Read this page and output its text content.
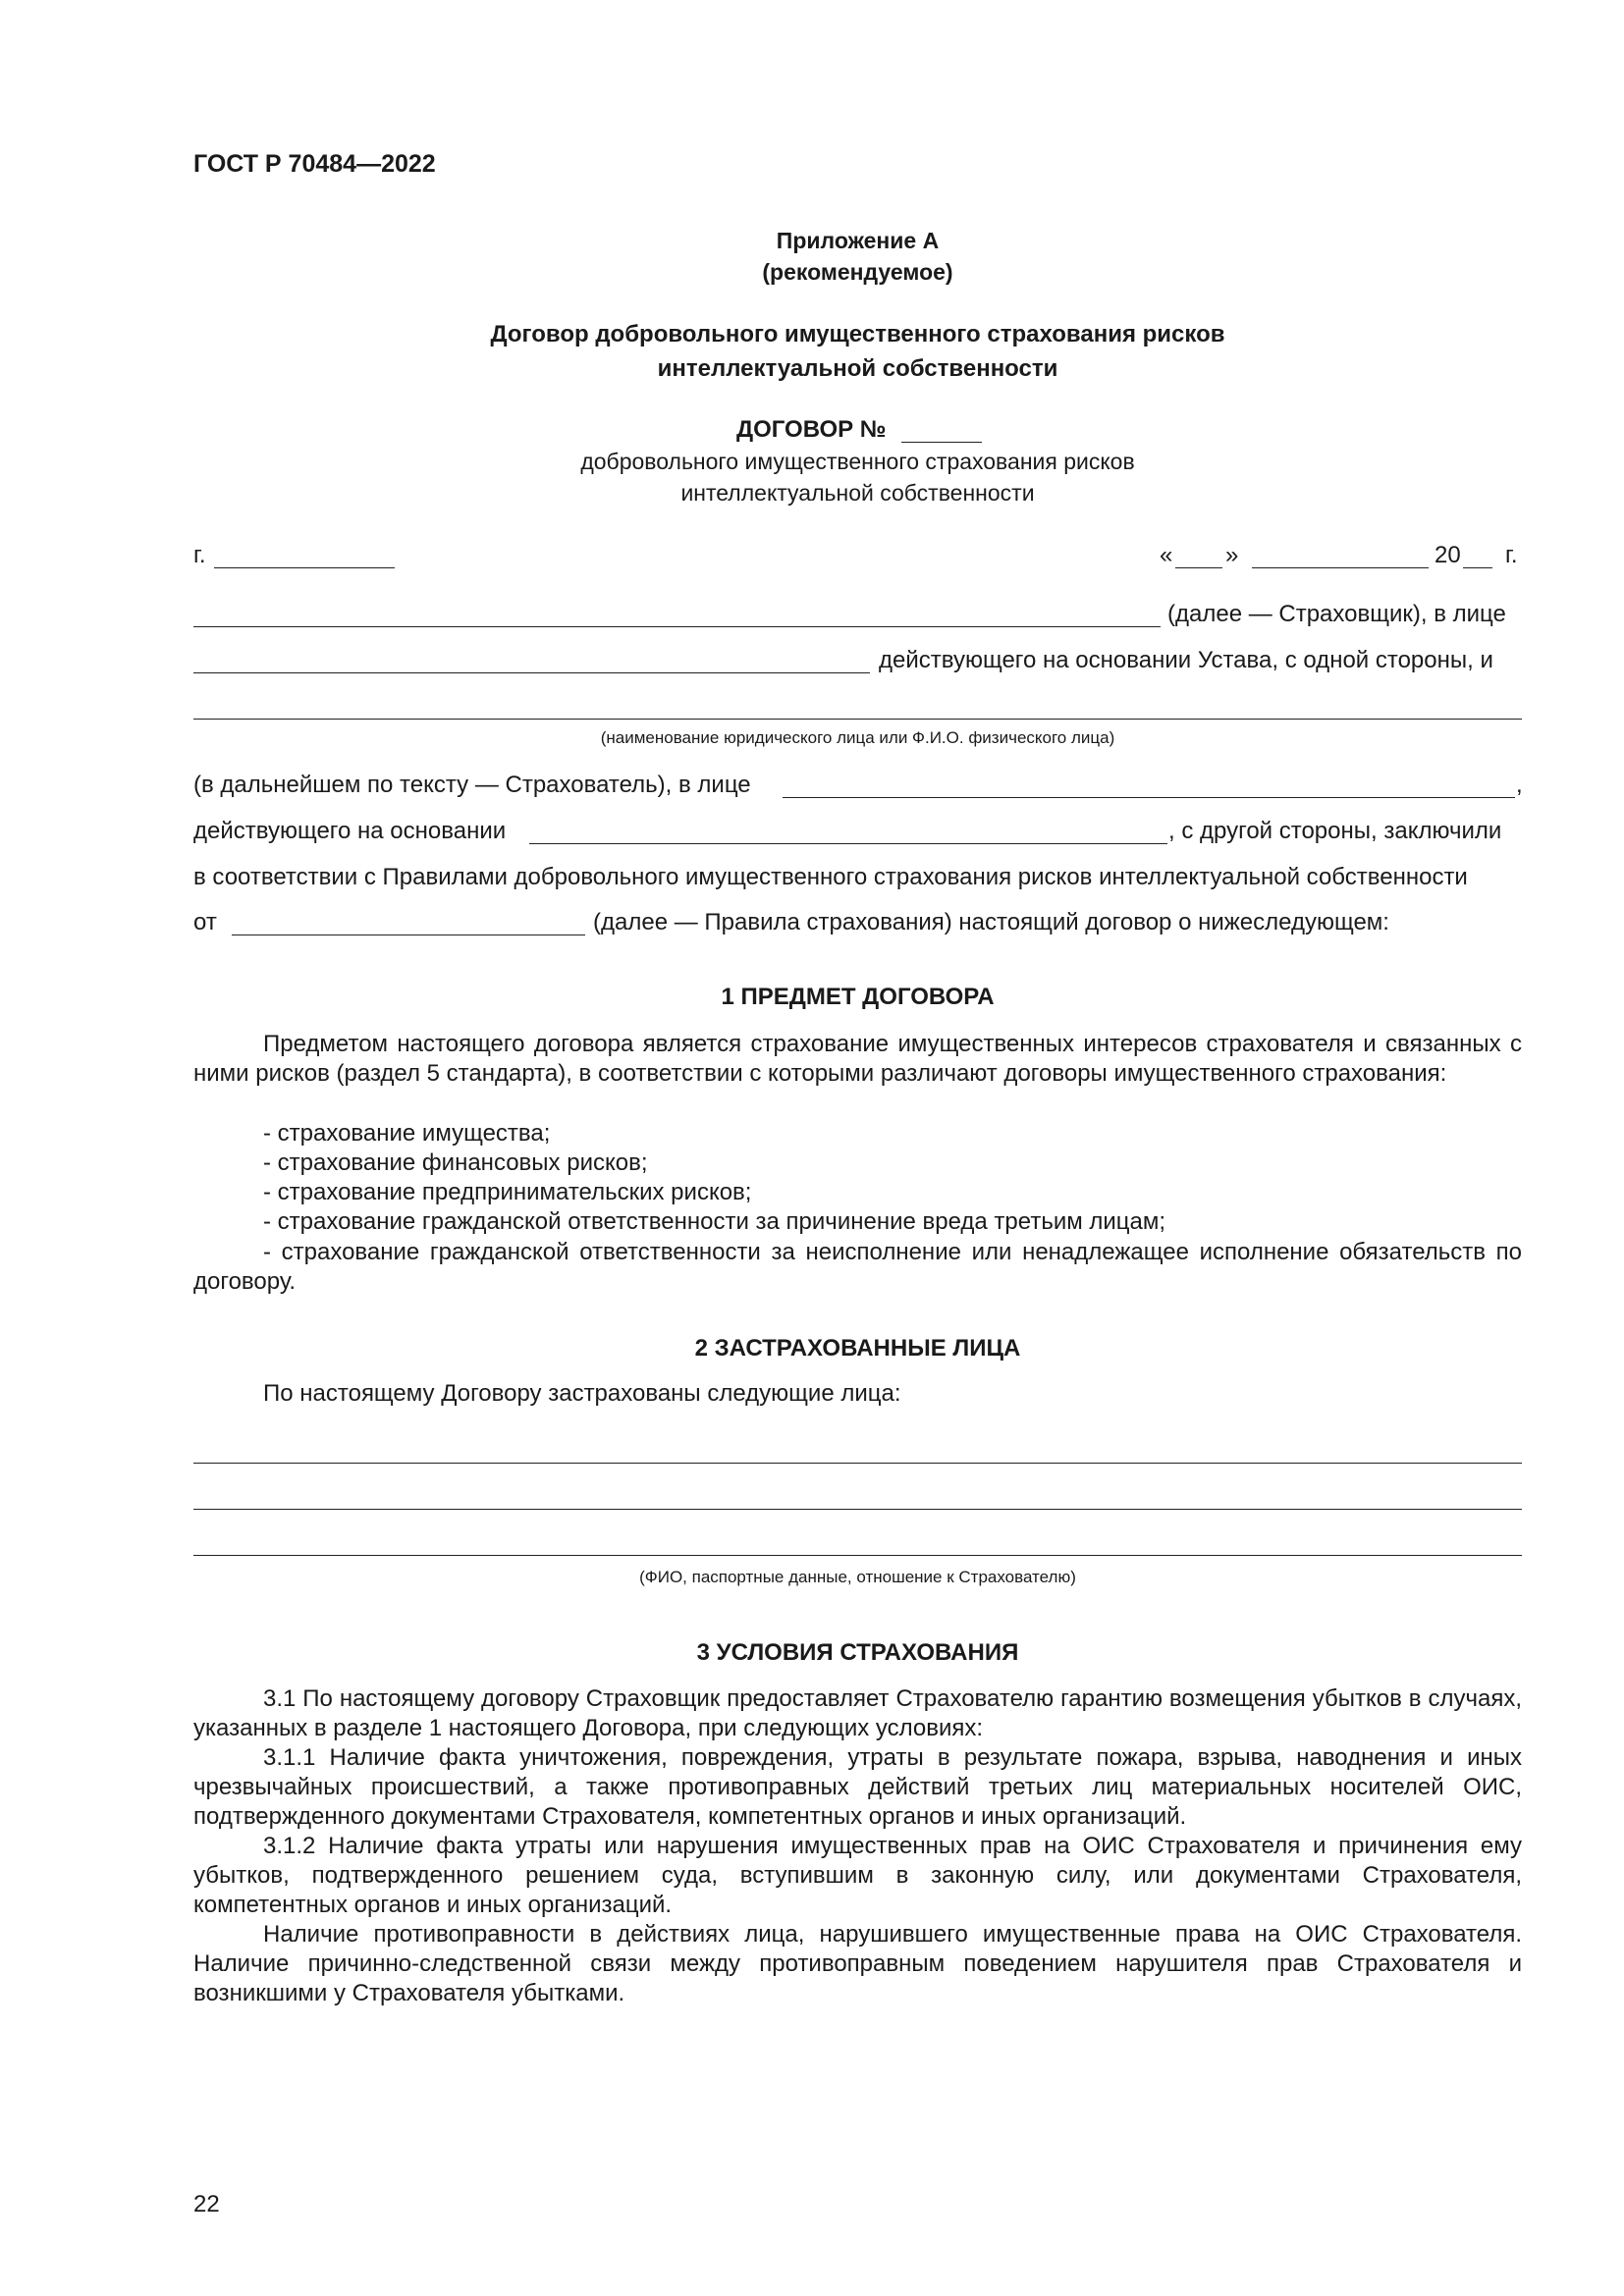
ГОСТ Р 70484—2022
Приложение А
(рекомендуемое)
Договор добровольного имущественного страхования рисков
интеллектуальной собственности
ДОГОВОР №
добровольного имущественного страхования рисков
интеллектуальной собственности
г.	« »	20 г.
(далее — Страховщик), в лице
действующего на основании Устава, с одной стороны, и
(наименование юридического лица или Ф.И.О. физического лица)
(в дальнейшем по тексту — Страхователь), в лице	,
действующего на основании	, с другой стороны, заключили
в соответствии с Правилами добровольного имущественного страхования рисков интеллектуальной собственности
от	(далее — Правила страхования) настоящий договор о нижеследующем:
1 ПРЕДМЕТ ДОГОВОРА
Предметом настоящего договора является страхование имущественных интересов страхователя и связанных с ними рисков (раздел 5 стандарта), в соответствии с которыми различают договоры имущественного страхования:
- страхование имущества;
- страхование финансовых рисков;
- страхование предпринимательских рисков;
- страхование гражданской ответственности за причинение вреда третьим лицам;
- страхование гражданской ответственности за неисполнение или ненадлежащее исполнение обязательств по договору.
2 ЗАСТРАХОВАННЫЕ ЛИЦА
По настоящему Договору застрахованы следующие лица:
(ФИО, паспортные данные, отношение к Страхователю)
3 УСЛОВИЯ СТРАХОВАНИЯ
3.1 По настоящему договору Страховщик предоставляет Страхователю гарантию возмещения убытков в случаях, указанных в разделе 1 настоящего Договора, при следующих условиях:
3.1.1 Наличие факта уничтожения, повреждения, утраты в результате пожара, взрыва, наводнения и иных чрезвычайных происшествий, а также противоправных действий третьих лиц материальных носителей ОИС, подтвержденного документами Страхователя, компетентных органов и иных организаций.
3.1.2 Наличие факта утраты или нарушения имущественных прав на ОИС Страхователя и причинения ему убытков, подтвержденного решением суда, вступившим в законную силу, или документами Страхователя, компетентных органов и иных организаций.
Наличие противоправности в действиях лица, нарушившего имущественные права на ОИС Страхователя. Наличие причинно-следственной связи между противоправным поведением нарушителя прав Страхователя и возникшими у Страхователя убытками.
22
